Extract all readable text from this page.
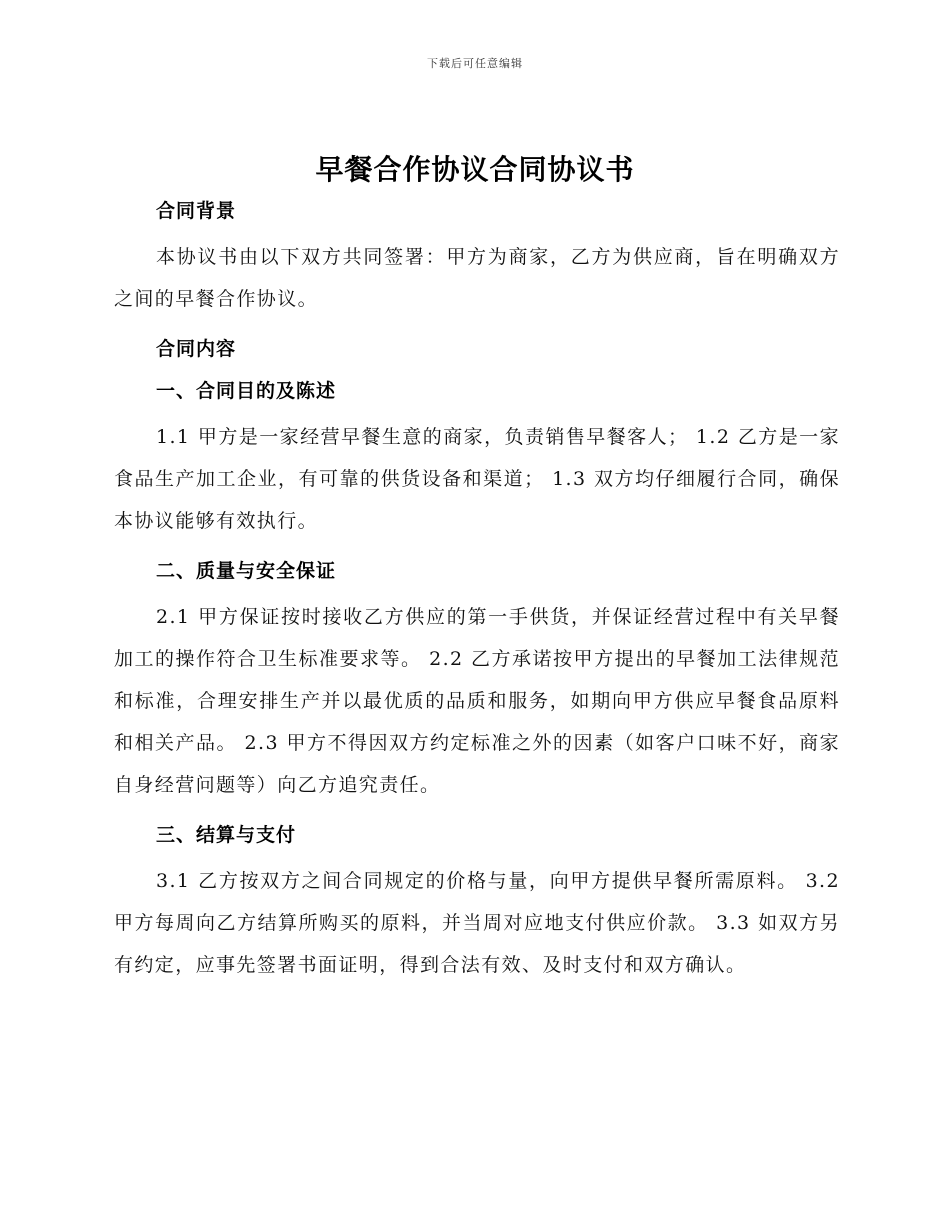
下载后可任意编辑
早餐合作协议合同协议书

合同背景

本协议书由以下双方共同签署：甲方为商家，乙方为供应商，旨在明确双方之间的早餐合作协议。

合同内容

一、合同目的及陈述

1.1 甲方是一家经营早餐生意的商家，负责销售早餐客人； 1.2 乙方是一家食品生产加工企业，有可靠的供货设备和渠道； 1.3 双方均仔细履行合同，确保本协议能够有效执行。

二、质量与安全保证

2.1 甲方保证按时接收乙方供应的第一手供货，并保证经营过程中有关早餐加工的操作符合卫生标准要求等。 2.2 乙方承诺按甲方提出的早餐加工法律规范和标准，合理安排生产并以最优质的品质和服务，如期向甲方供应早餐食品原料和相关产品。 2.3 甲方不得因双方约定标准之外的因素（如客户口味不好，商家自身经营问题等）向乙方追究责任。

三、结算与支付

3.1 乙方按双方之间合同规定的价格与量，向甲方提供早餐所需原料。 3.2 甲方每周向乙方结算所购买的原料，并当周对应地支付供应价款。 3.3 如双方另有约定，应事先签署书面证明，得到合法有效、及时支付和双方确认。
